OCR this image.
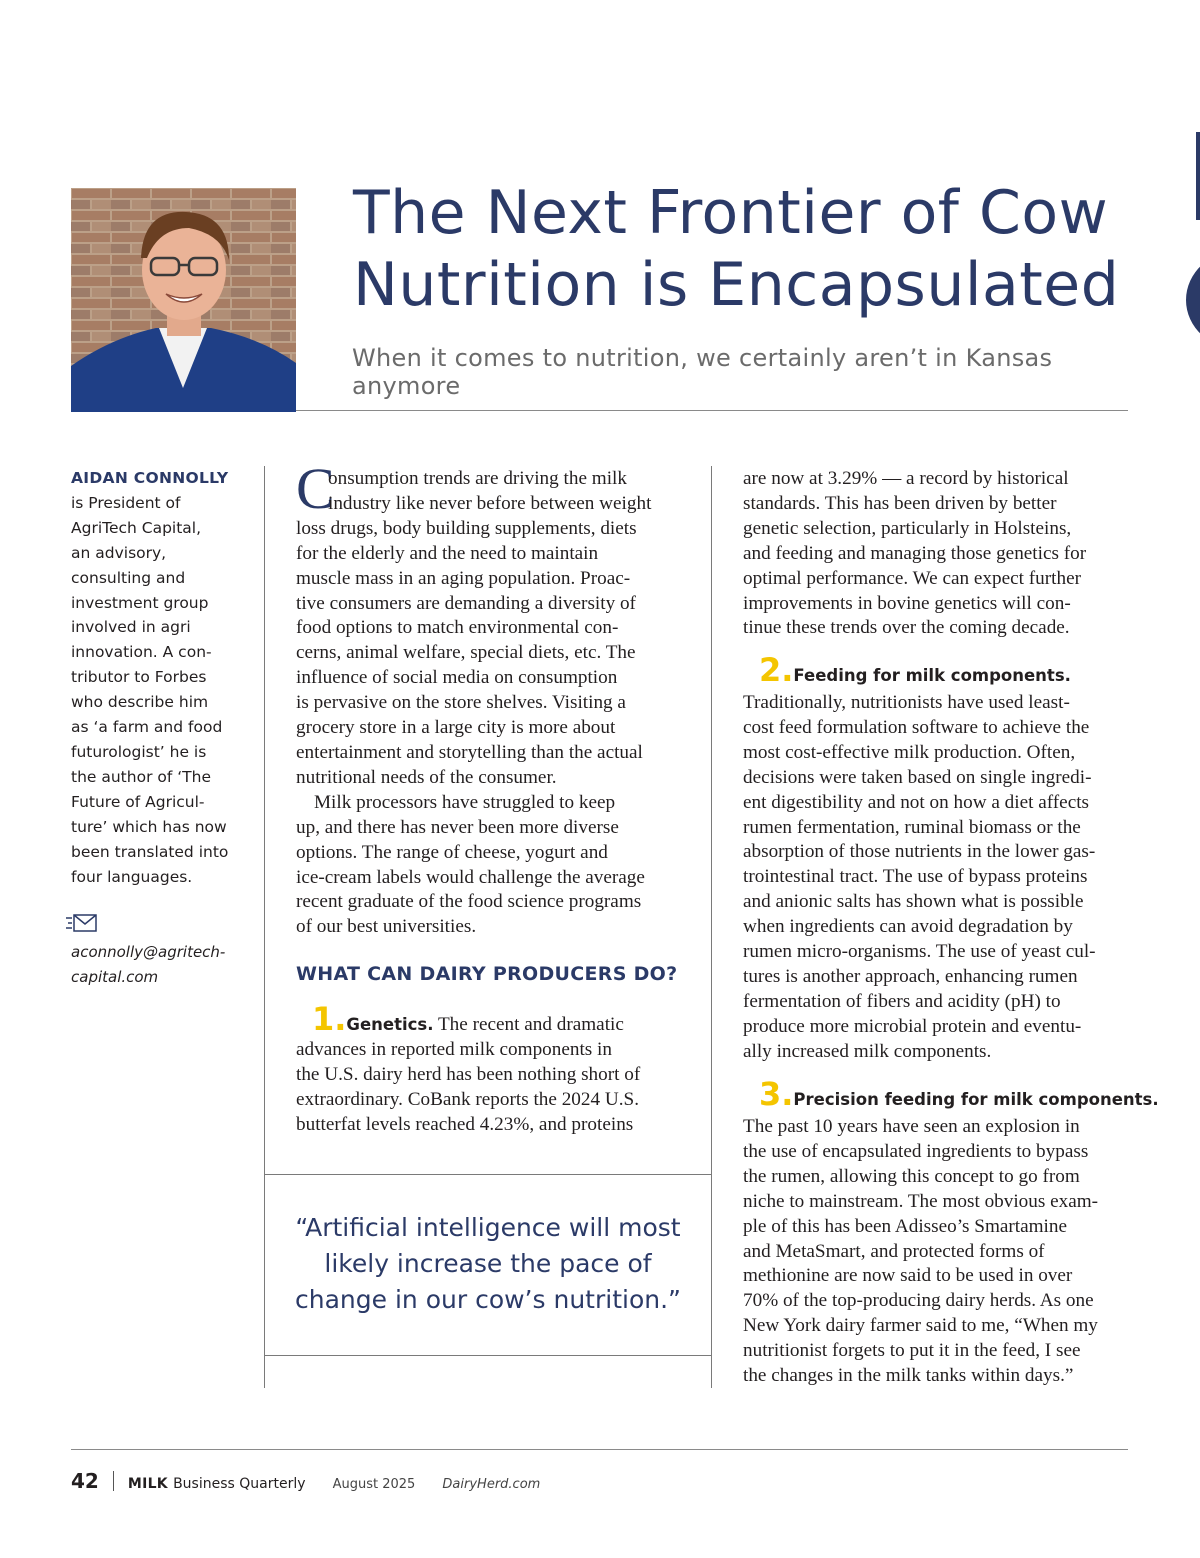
The Next Frontier of Cow
Nutrition is Encapsulated
When it comes to nutrition, we certainly aren’t in Kansas anymore
AIDAN CONNOLLY
is President of
AgriTech Capital,
an advisory,
consulting and
investment group
involved in agri
innovation. A con-
tributor to Forbes
who describe him
as ‘a farm and food
futurologist’ he is
the author of ‘The
Future of Agricul-
ture’ which has now
been translated into
four languages.
aconnolly@agritech-
capital.com
C
onsumption trends are driving the milk
industry like never before between weight
loss drugs, body building supplements, diets
for the elderly and the need to maintain
muscle mass in an aging population. Proac-
tive consumers are demanding a diversity of
food options to match environmental con-
cerns, animal welfare, special diets, etc. The
influence of social media on consumption
is pervasive on the store shelves. Visiting a
grocery store in a large city is more about
entertainment and storytelling than the actual
nutritional needs of the consumer.
Milk processors have struggled to keep
up, and there has never been more diverse
options. The range of cheese, yogurt and
ice-cream labels would challenge the average
recent graduate of the food science programs
of our best universities.
WHAT CAN DAIRY PRODUCERS DO?
1.Genetics. The recent and dramatic
advances in reported milk components in
the U.S. dairy herd has been nothing short of
extraordinary. CoBank reports the 2024 U.S.
butterfat levels reached 4.23%, and proteins
“Artificial intelligence will most
likely increase the pace of
change in our cow’s nutrition.”
are now at 3.29% — a record by historical
standards. This has been driven by better
genetic selection, particularly in Holsteins,
and feeding and managing those genetics for
optimal performance. We can expect further
improvements in bovine genetics will con-
tinue these trends over the coming decade.
2.Feeding for milk components.
Traditionally, nutritionists have used least-
cost feed formulation software to achieve the
most cost-effective milk production. Often,
decisions were taken based on single ingredi-
ent digestibility and not on how a diet affects
rumen fermentation, ruminal biomass or the
absorption of those nutrients in the lower gas-
trointestinal tract. The use of bypass proteins
and anionic salts has shown what is possible
when ingredients can avoid degradation by
rumen micro-organisms. The use of yeast cul-
tures is another approach, enhancing rumen
fermentation of fibers and acidity (pH) to
produce more microbial protein and eventu-
ally increased milk components.
3.Precision feeding for milk components.
The past 10 years have seen an explosion in
the use of encapsulated ingredients to bypass
the rumen, allowing this concept to go from
niche to mainstream. The most obvious exam-
ple of this has been Adisseo’s Smartamine
and MetaSmart, and protected forms of
methionine are now said to be used in over
70% of the top-producing dairy herds. As one
New York dairy farmer said to me, “When my
nutritionist forgets to put it in the feed, I see
the changes in the milk tanks within days.”
42 MILK Business Quarterly August 2025 DairyHerd.com
